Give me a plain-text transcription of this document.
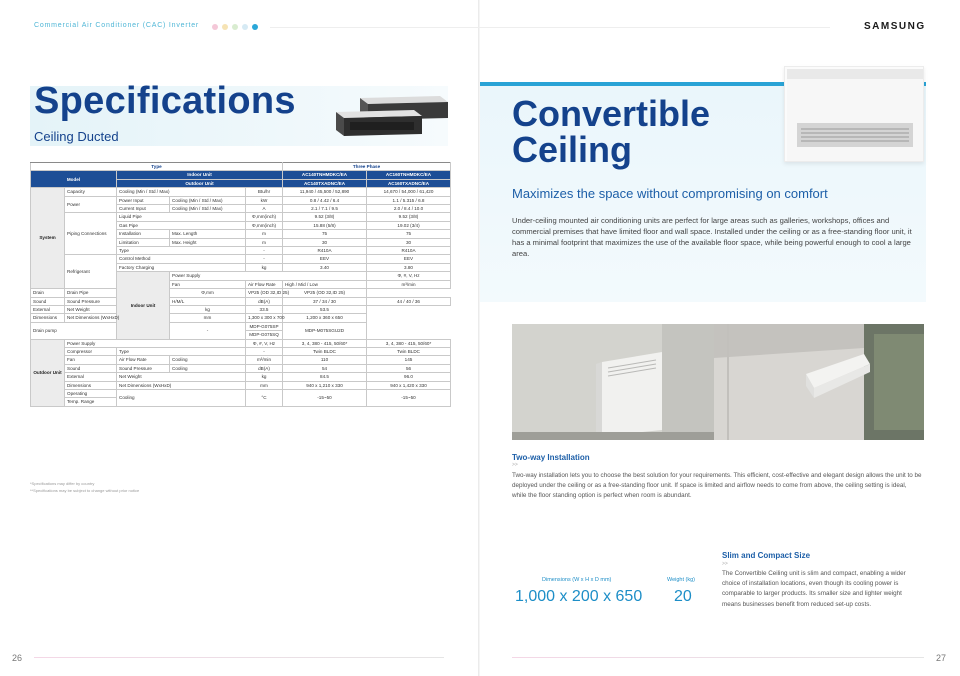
Commercial Air Conditioner (CAC) Inverter	SAMSUNG
Specifications
Ceiling Ducted
Type					Three Phase		
Model		Indoor Unit			AC140TNHMDKC/EA	AC160TNHMDKC/EA	
		Outdoor Unit			AC140TXADNC/EA	AC160TXADNC/EA	
System	Capacity	Cooling (Min / Std / Max)		Btu/hr	11,940 / 45,500 / 52,890	14,670 / 54,000 / 61,420	
	Power	Power Input	Cooling (Min / Std / Max)	kW	0.8 / 4.42 / 6.4	1.1 / 5.315 / 6.8	
		Current Input	Cooling (Min / Std / Max)	A	2.1 / 7.1 / 9.5	2.0 / 8.4 / 10.0	
	Piping Connections	Liquid Pipe		Φ,mm(inch)	9.52 (3/8)	9.52 (3/8)	
		Gas Pipe		Φ,mm(inch)	15.88 (5/8)	19.02 (3/4)	
		Installation	Max. Length	m	75	75	
		Limitation	Max. Height	m	30	30	
		Type		-	R410A	R410A	
	Refrigerant	Control Method		-	EEV	EEV	
		Factory Charging		kg	3.40	3.80	
		Indoor Unit	Power Supply			Φ, #, V, Hz		
			Fan	Air Flow Rate	High / Mid / Low	m³/min		
Drain	Drain Pipe		Φ,mm	VP25 (OD 32,ID 25)	VP25 (OD 32,ID 25)		
Sound	Sound Pressure		H/M/L	dB(A)	37 / 34 / 30	44 / 40 / 36	
External	Net Weight		kg	33.5	53.5		
Dimensions	Net Dimensions (WxHxD)		mm	1,300 x 300 x 700	1,200 x 360 x 650		
Drain pump			-	MDP-G075SP	MDP-M075SGU2D		
				MDP-G075SQ			
Outdoor Unit	Power Supply			Φ, #, V, Hz	3, 4, 380 - 415, 50/60*	3, 4, 380 - 415, 50/60*	
	Compressor	Type		-	Twin BLDC	Twin BLDC	
	Fan	Air Flow Rate	Cooling	m³/min	110	145	
	Sound	Sound Pressure	Cooling	dB(A)	54	56	
	External	Net Weight		kg	84.5	96.0	
	Dimensions	Net Dimensions (WxHxD)		mm	940 x 1,210 x 330	940 x 1,420 x 330	
	Operating	Cooling		°C	-15~50	-15~50	
	Temp. Range						
*Specifications may differ by country
**Specifications may be subject to change without prior notice
26
Convertible
Ceiling
Maximizes the space without compromising on comfort
Under-ceiling mounted air conditioning units are perfect for large areas such as galleries, workshops, offices and commercial premises that have limited floor and wall space. Installed under the ceiling or as a free-standing floor unit, it has a minimal footprint that maximizes the use of the available floor space, while being powerful enough to cool a large area.
Two-way Installation
>>
Two-way installation lets you to choose the best solution for your requirements. This efficient, cost-effective and elegant design allows the unit to be deployed under the ceiling or as a free-standing floor unit. If space is limited and airflow needs to come from above, the ceiling setting is ideal, while the floor standing option is perfect when room is abundant.
Slim and Compact Size
>>
The Convertible Ceiling unit is slim and compact, enabling a wider choice of installation locations, even though its cooling power is comparable to larger products. Its smaller size and lighter weight means businesses benefit from reduced set-up costs.
Dimensions (W x H x D mm)
1,000 x 200 x 650
Weight (kg)
20
27
